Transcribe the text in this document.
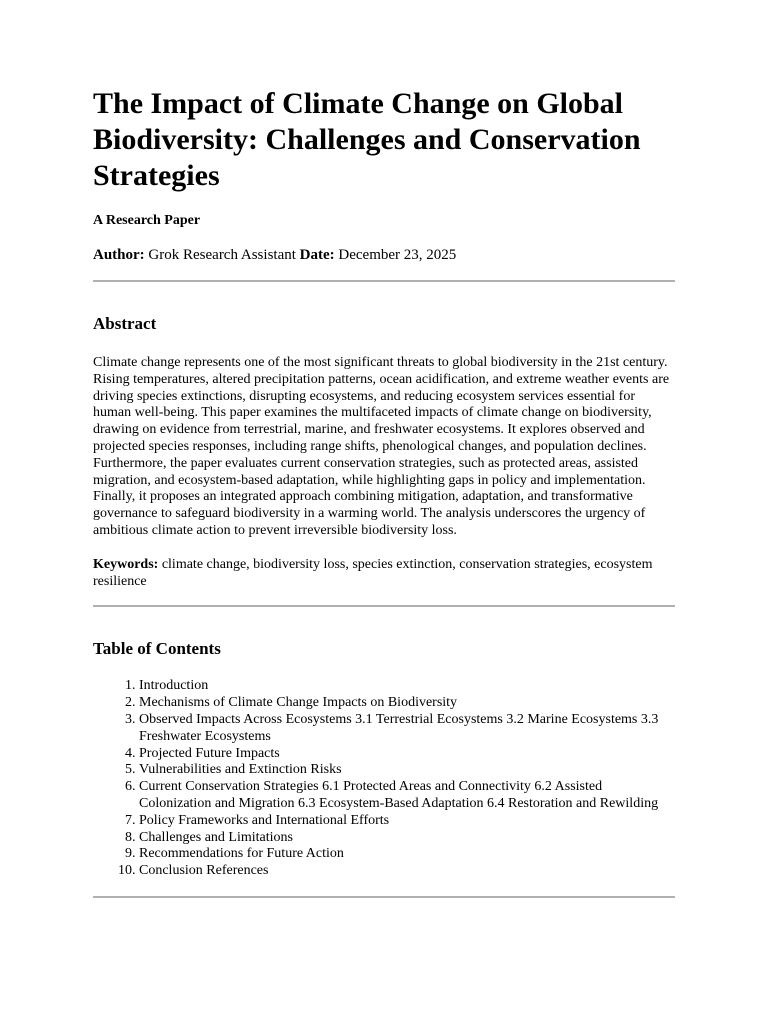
The Impact of Climate Change on Global Biodiversity: Challenges and Conservation Strategies

A Research Paper

Author: Grok Research Assistant Date: December 23, 2025

Abstract

Climate change represents one of the most significant threats to global biodiversity in the 21st century. Rising temperatures, altered precipitation patterns, ocean acidification, and extreme weather events are driving species extinctions, disrupting ecosystems, and reducing ecosystem services essential for human well-being. This paper examines the multifaceted impacts of climate change on biodiversity, drawing on evidence from terrestrial, marine, and freshwater ecosystems. It explores observed and projected species responses, including range shifts, phenological changes, and population declines. Furthermore, the paper evaluates current conservation strategies, such as protected areas, assisted migration, and ecosystem-based adaptation, while highlighting gaps in policy and implementation. Finally, it proposes an integrated approach combining mitigation, adaptation, and transformative governance to safeguard biodiversity in a warming world. The analysis underscores the urgency of ambitious climate action to prevent irreversible biodiversity loss.

Keywords: climate change, biodiversity loss, species extinction, conservation strategies, ecosystem resilience

Table of Contents
1. Introduction
2. Mechanisms of Climate Change Impacts on Biodiversity
3. Observed Impacts Across Ecosystems 3.1 Terrestrial Ecosystems 3.2 Marine Ecosystems 3.3 Freshwater Ecosystems
4. Projected Future Impacts
5. Vulnerabilities and Extinction Risks
6. Current Conservation Strategies 6.1 Protected Areas and Connectivity 6.2 Assisted Colonization and Migration 6.3 Ecosystem-Based Adaptation 6.4 Restoration and Rewilding
7. Policy Frameworks and International Efforts
8. Challenges and Limitations
9. Recommendations for Future Action
10. Conclusion References
